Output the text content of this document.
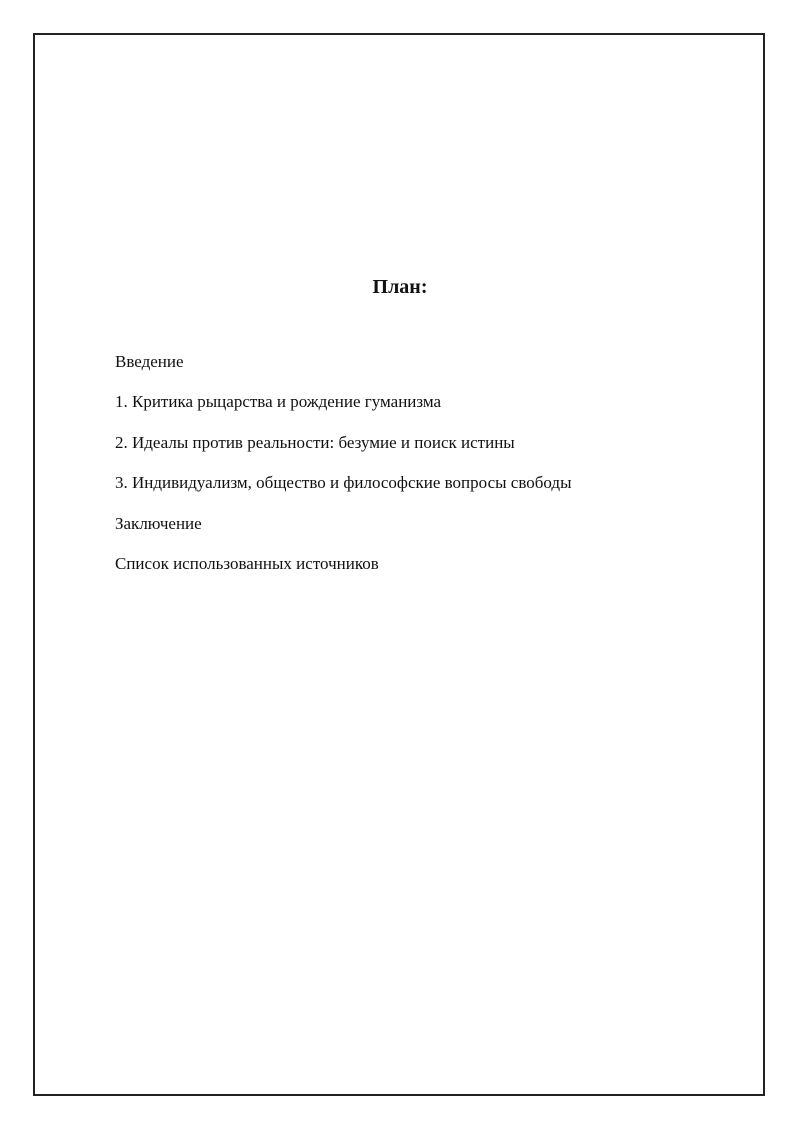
План:
Введение
1. Критика рыцарства и рождение гуманизма
2. Идеалы против реальности: безумие и поиск истины
3. Индивидуализм, общество и философские вопросы свободы
Заключение
Список использованных источников
